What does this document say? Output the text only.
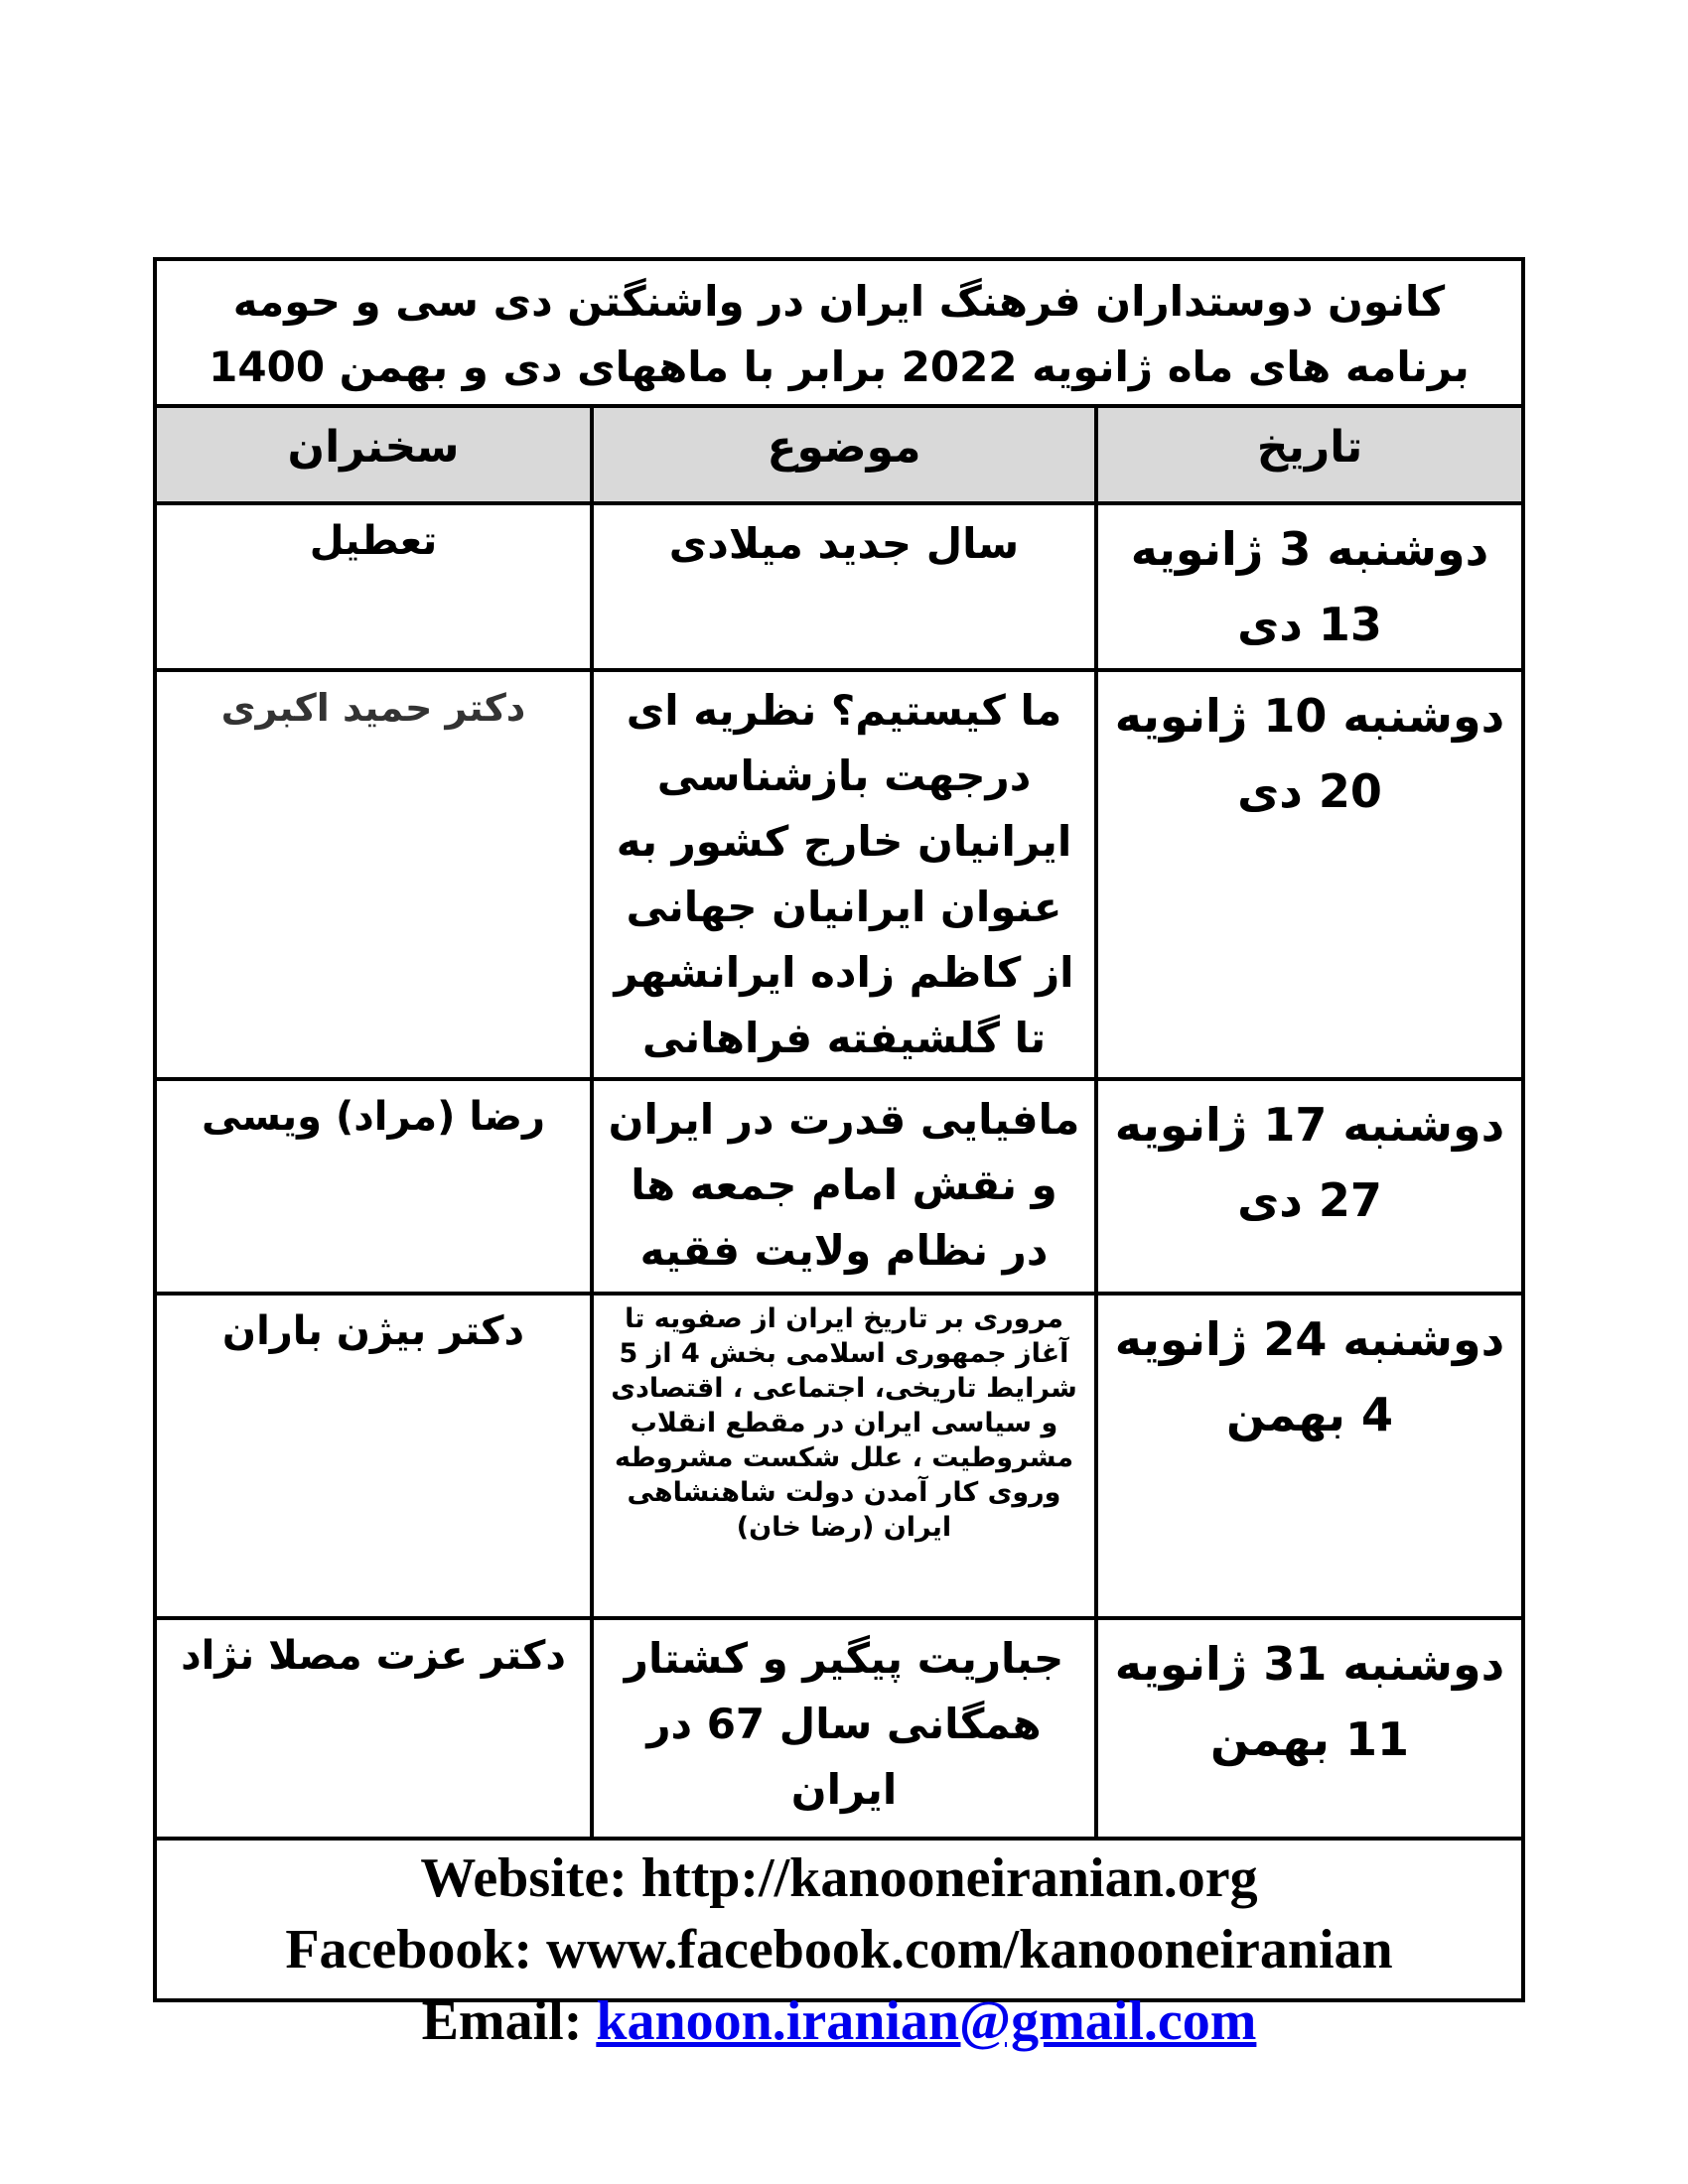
کانون دوستداران فرهنگ ایران در واشنگتن دی سی و حومه
برنامه های ماه ژانویه 2022 برابر با ماههای دی و بهمن 1400
تاریخ	موضوع	سخنران

دوشنبه 3 ژانویه
13 دی	سال جدید میلادی	تعطیل

دوشنبه 10 ژانویه
20 دی	ما کیستیم؟ نظریه ای درجهت بازشناسی ایرانیان خارج کشور به عنوان ایرانیان جهانی از کاظم زاده ایرانشهر تا گلشیفته فراهانی	دکتر حمید اکبری

دوشنبه 17 ژانویه
27 دی	مافیایی قدرت در ایران و نقش امام جمعه ها در نظام ولایت فقیه	رضا (مراد) ویسی

دوشنبه 24 ژانویه
4 بهمن	مروری بر تاریخ ایران از صفویه تا آغاز جمهوری اسلامی بخش 4 از 5 شرایط تاریخی، اجتماعی ، اقتصادی و سیاسی ایران در مقطع انقلاب مشروطیت ، علل شکست مشروطه وروی کار آمدن دولت شاهنشاهی ایران (رضا خان)	دکتر بیژن باران

دوشنبه 31 ژانویه
11 بهمن	جباریت پیگیر و کشتار همگانی سال 67 در ایران	دکتر عزت مصلا نژاد
Website: http://kanooneiranian.org
Facebook: www.facebook.com/kanooneiranian
Email: kanoon.iranian@gmail.com
